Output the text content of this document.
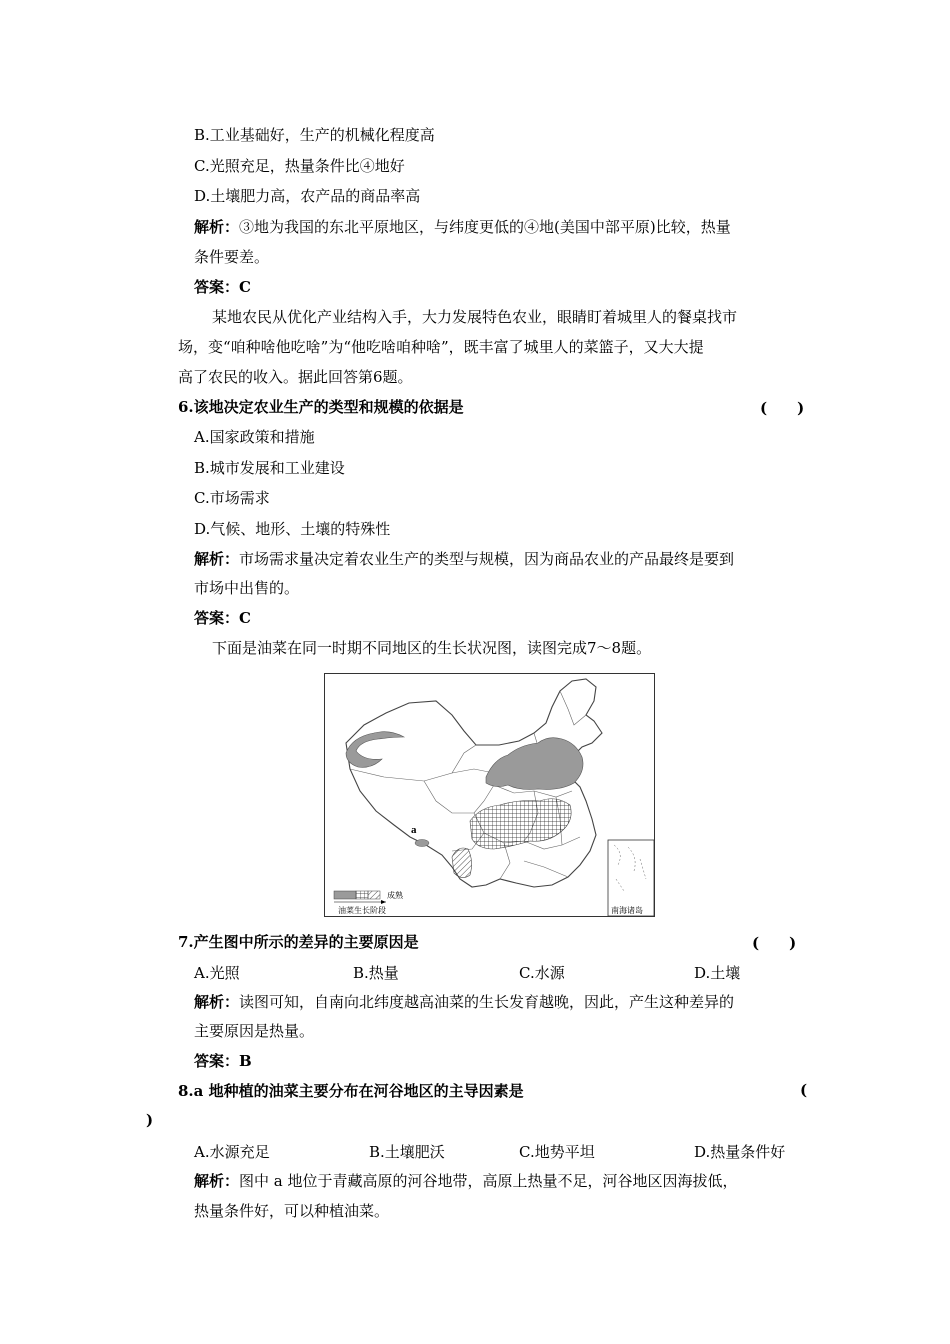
B.工业基础好，生产的机械化程度高
C.光照充足，热量条件比④地好
D.土壤肥力高，农产品的商品率高
解析：③地为我国的东北平原地区，与纬度更低的④地(美国中部平原)比较，热量
条件要差。
答案：C
某地农民从优化产业结构入手，大力发展特色农业，眼睛盯着城里人的餐桌找市
场，变“咱种啥他吃啥”为“他吃啥咱种啥”，既丰富了城里人的菜篮子，又大大提
高了农民的收入。据此回答第6题。
6.该地决定农业生产的类型和规模的依据是	(　　)
A.国家政策和措施
B.城市发展和工业建设
C.市场需求
D.气候、地形、土壤的特殊性
解析：市场需求量决定着农业生产的类型与规模，因为商品农业的产品最终是要到
市场中出售的。
答案：C
下面是油菜在同一时期不同地区的生长状况图，读图完成7～8题。
a
成熟
油菜生长阶段	南海诸岛
7.产生图中所示的差异的主要原因是	(　　)
A.光照	B.热量	C.水源	D.土壤
解析：读图可知，自南向北纬度越高油菜的生长发育越晚，因此，产生这种差异的
主要原因是热量。
答案：B
8.a 地种植的油菜主要分布在河谷地区的主导因素是	(
)
A.水源充足	B.土壤肥沃	C.地势平坦	D.热量条件好
解析：图中 a 地位于青藏高原的河谷地带，高原上热量不足，河谷地区因海拔低，
热量条件好，可以种植油菜。
